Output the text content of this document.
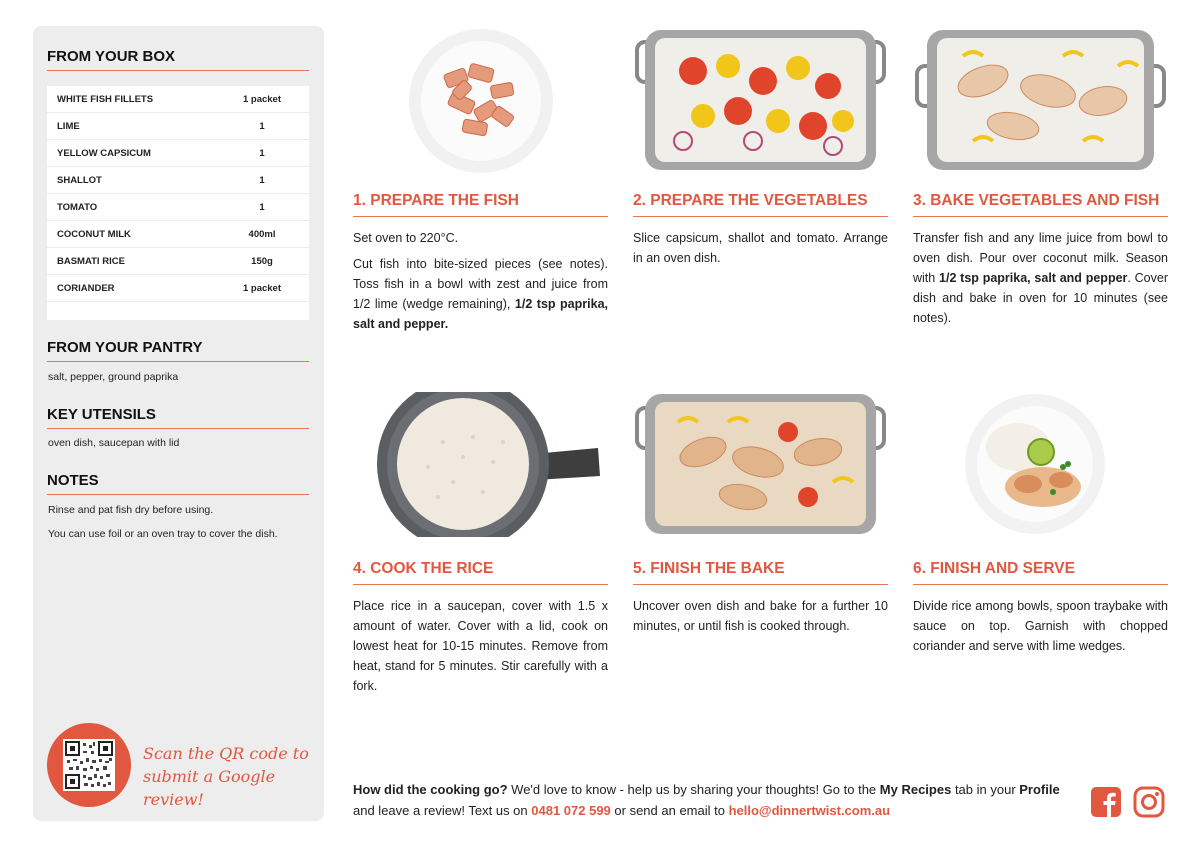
FROM YOUR BOX
WHITE FISH FILLETS	1 packet
LIME	1
YELLOW CAPSICUM	1
SHALLOT	1
TOMATO	1
COCONUT MILK	400ml
BASMATI RICE	150g
CORIANDER	1 packet
FROM YOUR PANTRY
salt, pepper, ground paprika
KEY UTENSILS
oven dish, saucepan with lid
NOTES

Rinse and pat fish dry before using.

You can use foil or an oven tray to cover the dish.

Scan the QR code to
submit a Google review!
1. PREPARE THE FISH

Set oven to 220°C.

Cut fish into bite-sized pieces (see notes). Toss fish in a bowl with zest and juice from 1/2 lime (wedge remaining), 1/2 tsp paprika, salt and pepper.

2. PREPARE THE VEGETABLES

Slice capsicum, shallot and tomato. Arrange in an oven dish.

3. BAKE VEGETABLES AND FISH

Transfer fish and any lime juice from bowl to oven dish. Pour over coconut milk. Season with 1/2 tsp paprika, salt and pepper. Cover dish and bake in oven for 10 minutes (see notes).

4. COOK THE RICE

Place rice in a saucepan, cover with 1.5 x amount of water. Cover with a lid, cook on lowest heat for 10-15 minutes. Remove from heat, stand for 5 minutes. Stir carefully with a fork.

5. FINISH THE BAKE

Uncover oven dish and bake for a further 10 minutes, or until fish is cooked through.

6. FINISH AND SERVE

Divide rice among bowls, spoon traybake with sauce on top. Garnish with chopped coriander and serve with lime wedges.

How did the cooking go? We'd love to know - help us by sharing your thoughts! Go to the My Recipes tab in your Profile and leave a review! Text us on 0481 072 599 or send an email to hello@dinnertwist.com.au
